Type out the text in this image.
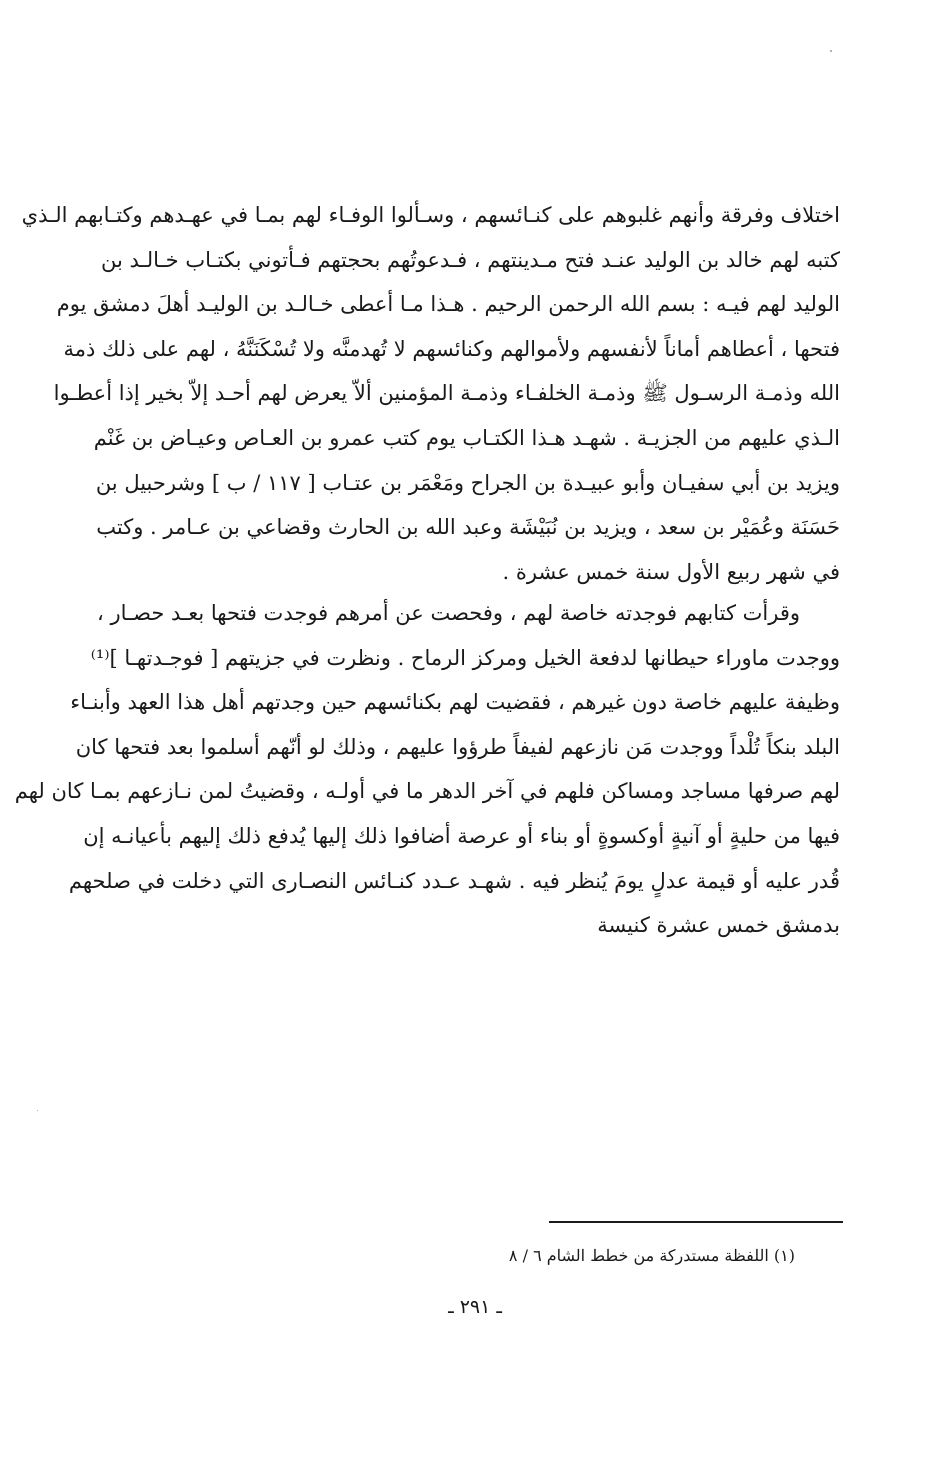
اختلاف وفرقة وأنهم غلبوهم على كنـائسهم ، وسـألوا الوفـاء لهم بمـا في عهـدهم وكتـابهم الـذي
كتبه لهم خالد بن الوليد عنـد فتح مـدينتهم ، فـدعوتُهم بحجتهم فـأتوني بكتـاب خـالـد بن
الوليد لهم فيـه : بسم الله الرحمن الرحيم . هـذا مـا أعطى خـالـد بن الوليـد أهلَ دمشق يوم
فتحها ، أعطاهم أماناً لأنفسهم ولأموالهم وكنائسهم لا تُهدمنَّه ولا تُسْكَنَنَّهُ ، لهم على ذلك ذمة
الله وذمـة الرسـول ﷺ وذمـة الخلفـاء وذمـة المؤمنين ألاّ يعرض لهم أحـد إلاّ بخير إذا أعطـوا
الـذي عليهم من الجزيـة . شهـد هـذا الكتـاب يوم كتب عمرو بن العـاص وعيـاض بن غَنْم
ويزيد بن أبي سفيـان وأبو عبيـدة بن الجراح ومَعْمَر بن عتـاب [ ١١٧ / ب ] وشرحبيل بن
حَسَنَة وعُمَيْر بن سعد ، ويزيد بن نُبَيْشَة وعبد الله بن الحارث وقضاعي بن عـامر . وكتب
في شهر ربيع الأول سنة خمس عشرة .
وقرأت كتابهم فوجدته خاصة لهم ، وفحصت عن أمرهم فوجدت فتحها بعـد حصـار ،
ووجدت ماوراء حيطانها لدفعة الخيل ومركز الرماح . ونظرت في جزيتهم [ فوجـدتهـا ]⁽¹⁾
وظيفة عليهم خاصة دون غيرهم ، فقضيت لهم بكنائسهم حين وجدتهم أهل هذا العهد وأبنـاء
البلد بنكاً تُلْداً ووجدت مَن نازعهم لفيفاً طرؤوا عليهم ، وذلك لو أنّهم أسلموا بعد فتحها كان
لهم صرفها مساجد ومساكن فلهم في آخر الدهر ما في أولـه ، وقضيتُ لمن نـازعهم بمـا كان لهم
فيها من حليةٍ أو آنيةٍ أوكسوةٍ أو بناء أو عرصة أضافوا ذلك إليها يُدفع ذلك إليهم بأعيانـه إن
قُدر عليه أو قيمة عدلٍ يومَ يُنظر فيه . شهـد عـدد كنـائس النصـارى التي دخلت في صلحهم
بدمشق خمس عشرة كنيسة
(١) اللفظة مستدركة من خطط الشام ٦ / ٨
ـ ٢٩١ ـ
